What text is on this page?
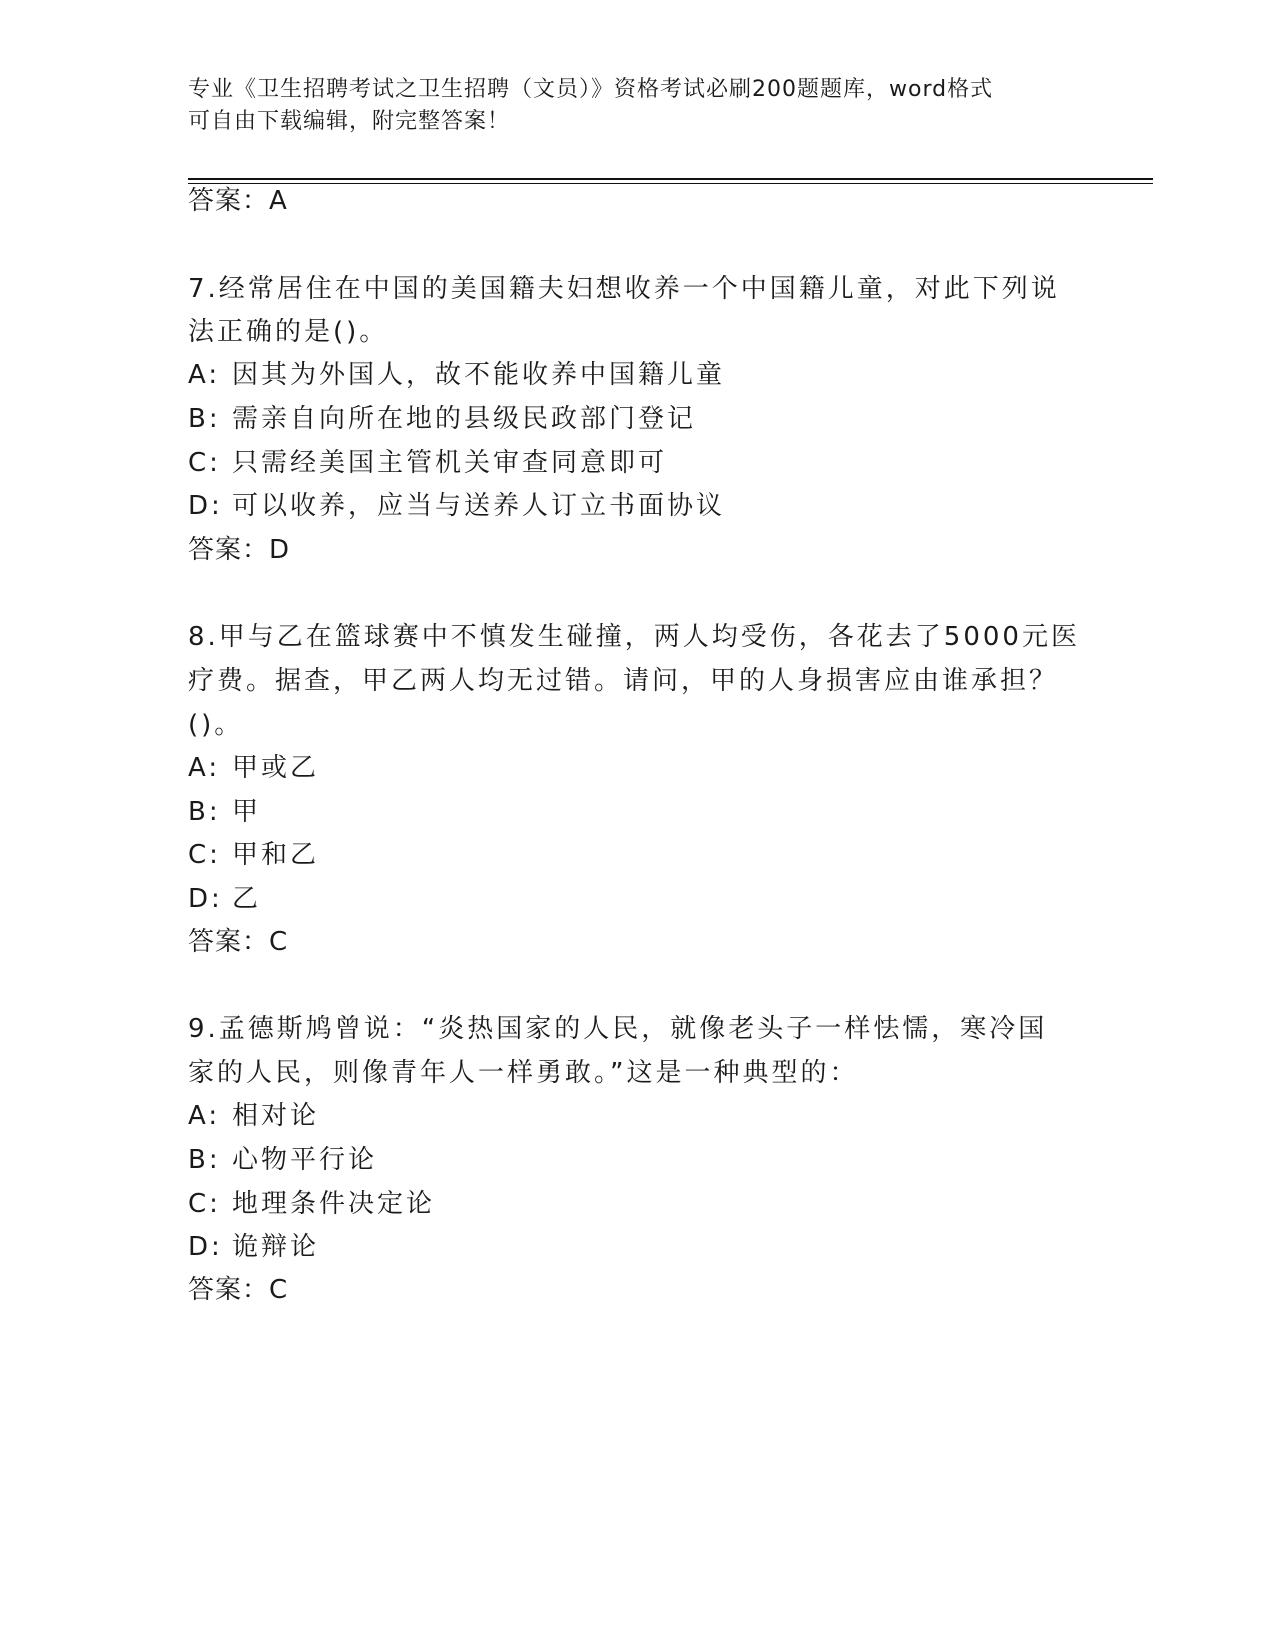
专业《卫生招聘考试之卫生招聘（文员）》资格考试必刷200题题库，word格式
可自由下载编辑，附完整答案！
答案：A
7.经常居住在中国的美国籍夫妇想收养一个中国籍儿童，对此下列说
法正确的是()。
A: 因其为外国人，故不能收养中国籍儿童
B: 需亲自向所在地的县级民政部门登记
C: 只需经美国主管机关审查同意即可
D: 可以收养，应当与送养人订立书面协议
答案：D
8.甲与乙在篮球赛中不慎发生碰撞，两人均受伤，各花去了5000元医
疗费。据查，甲乙两人均无过错。请问，甲的人身损害应由谁承担？
()。
A: 甲或乙
B: 甲
C: 甲和乙
D: 乙
答案：C
9.孟德斯鸠曾说：“炎热国家的人民，就像老头子一样怯懦，寒冷国
家的人民，则像青年人一样勇敢。”这是一种典型的：
A: 相对论
B: 心物平行论
C: 地理条件决定论
D: 诡辩论
答案：C
